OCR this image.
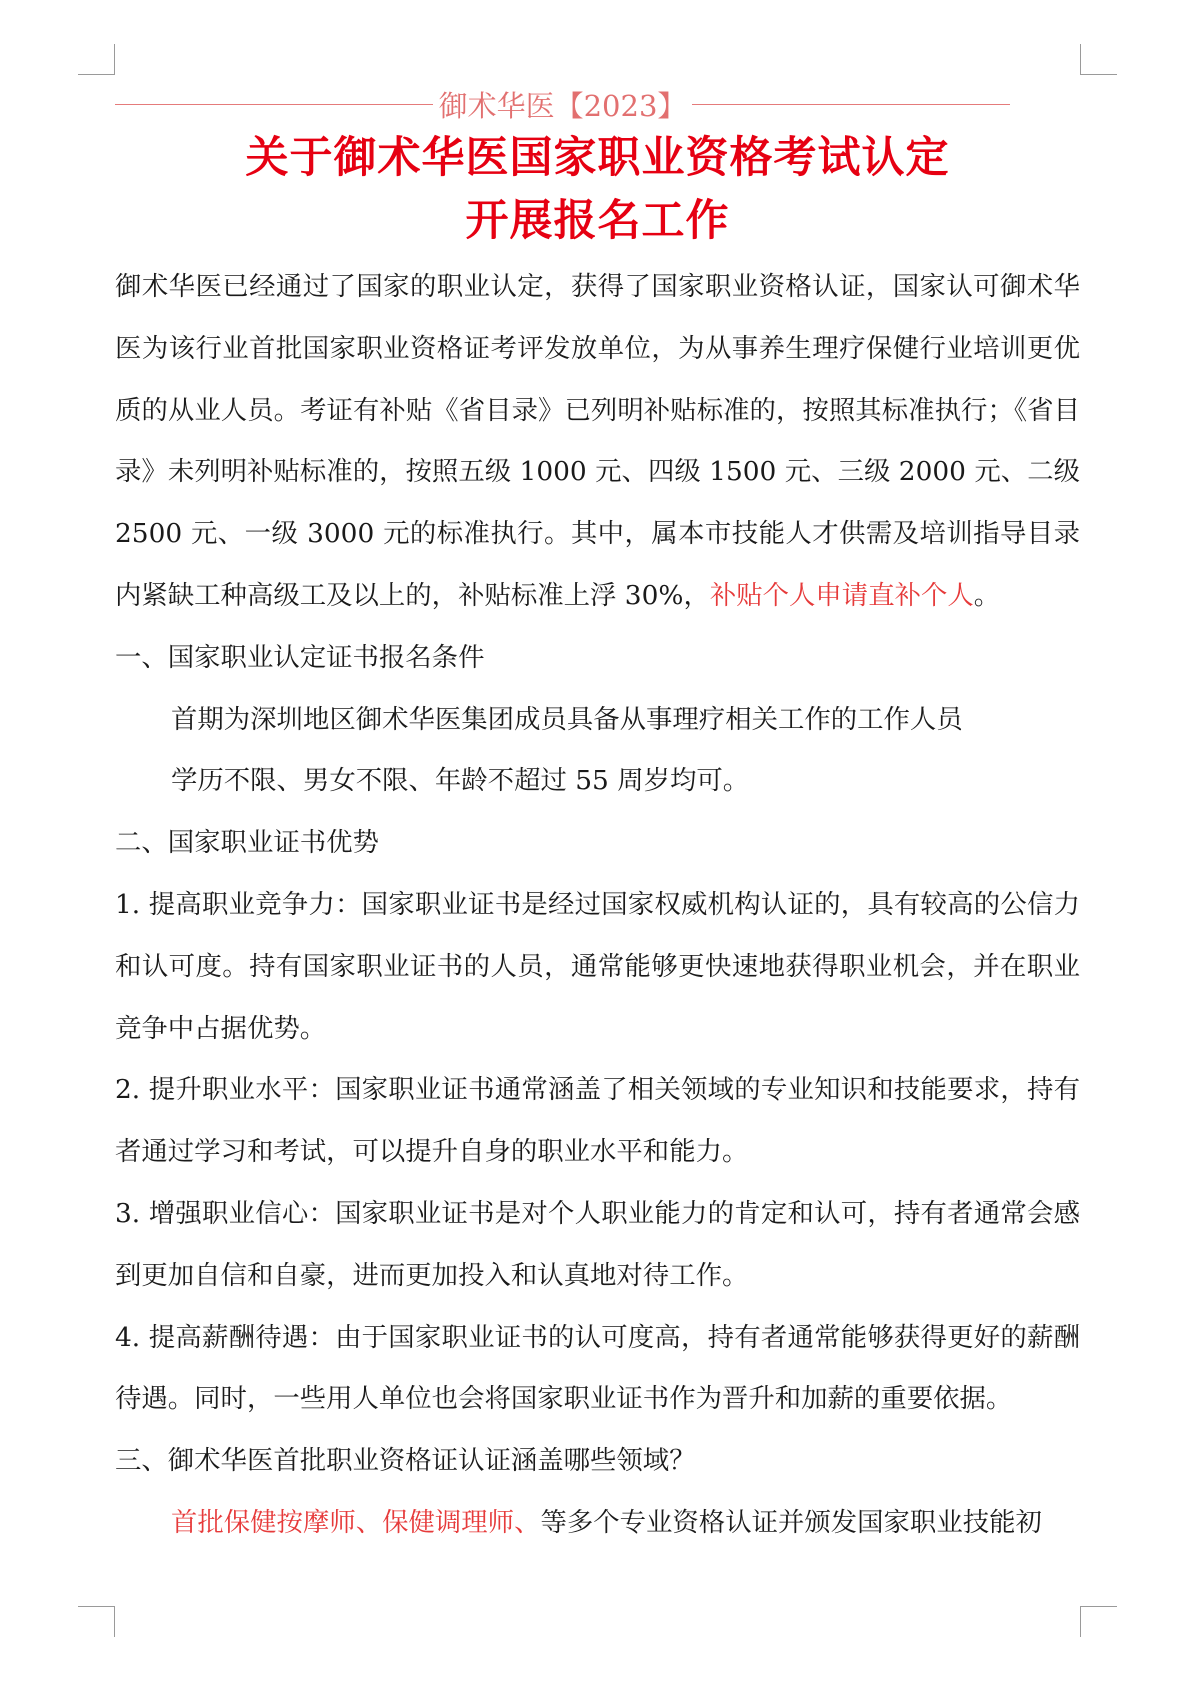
御术华医【2023】
关于御术华医国家职业资格考试认定
开展报名工作

御术华医已经通过了国家的职业认定，获得了国家职业资格认证，国家认可御术华医为该行业首批国家职业资格证考评发放单位，为从事养生理疗保健行业培训更优质的从业人员。考证有补贴《省目录》已列明补贴标准的，按照其标准执行；《省目录》未列明补贴标准的，按照五级 1000 元、四级 1500 元、三级 2000 元、二级 2500 元、一级 3000 元的标准执行。其中，属本市技能人才供需及培训指导目录内紧缺工种高级工及以上的，补贴标准上浮 30%，补贴个人申请直补个人。

一、国家职业认定证书报名条件

首期为深圳地区御术华医集团成员具备从事理疗相关工作的工作人员

学历不限、男女不限、年龄不超过 55 周岁均可。

二、国家职业证书优势

1. 提高职业竞争力：国家职业证书是经过国家权威机构认证的，具有较高的公信力和认可度。持有国家职业证书的人员，通常能够更快速地获得职业机会，并在职业竞争中占据优势。

2. 提升职业水平：国家职业证书通常涵盖了相关领域的专业知识和技能要求，持有者通过学习和考试，可以提升自身的职业水平和能力。

3. 增强职业信心：国家职业证书是对个人职业能力的肯定和认可，持有者通常会感到更加自信和自豪，进而更加投入和认真地对待工作。

4. 提高薪酬待遇：由于国家职业证书的认可度高，持有者通常能够获得更好的薪酬待遇。同时，一些用人单位也会将国家职业证书作为晋升和加薪的重要依据。

三、御术华医首批职业资格证认证涵盖哪些领域？

首批保健按摩师、保健调理师、等多个专业资格认证并颁发国家职业技能初
